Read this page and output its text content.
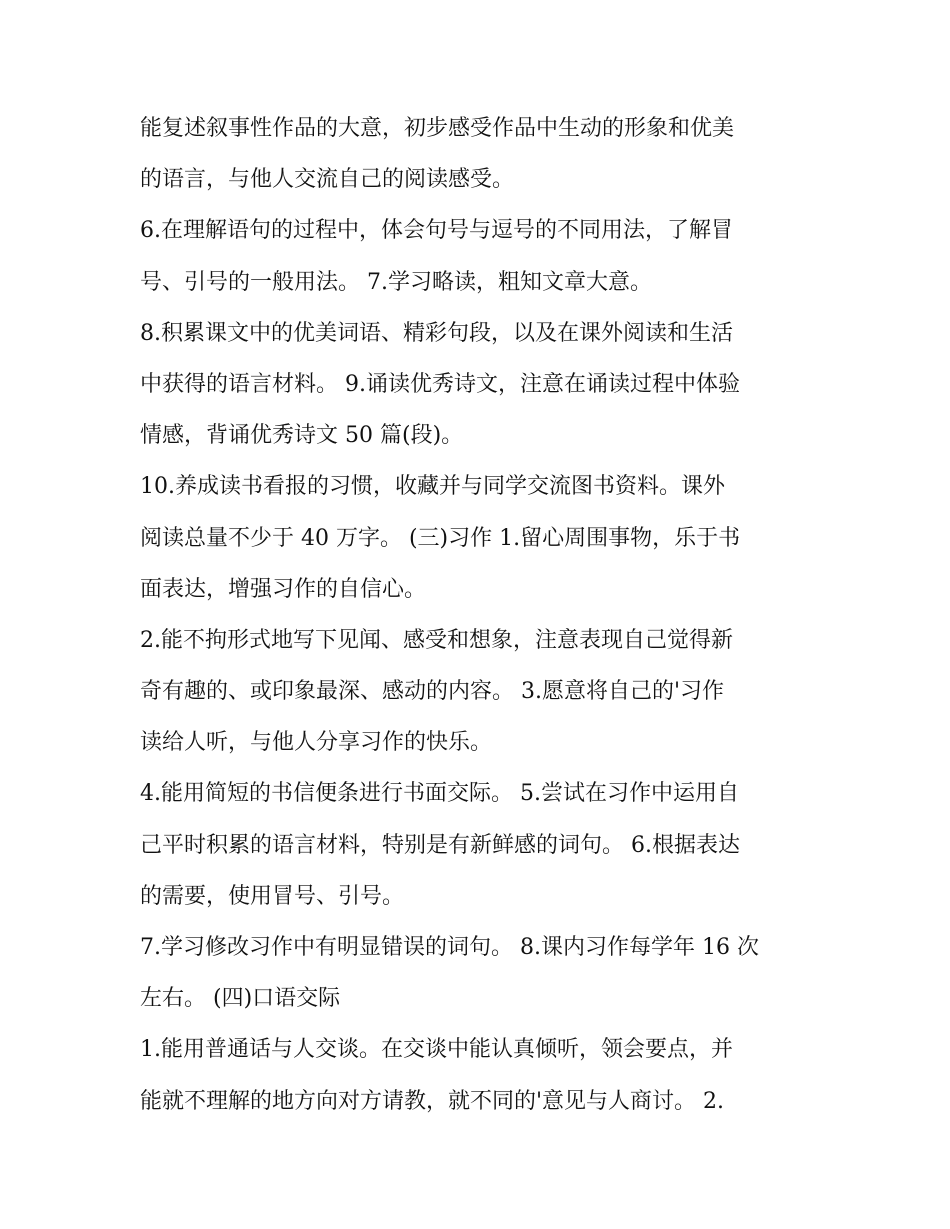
能复述叙事性作品的大意，初步感受作品中生动的形象和优美
的语言，与他人交流自己的阅读感受。
6.在理解语句的过程中，体会句号与逗号的不同用法，了解冒
号、引号的一般用法。 7.学习略读，粗知文章大意。
8.积累课文中的优美词语、精彩句段，以及在课外阅读和生活
中获得的语言材料。 9.诵读优秀诗文，注意在诵读过程中体验
情感，背诵优秀诗文 50 篇(段)。
10.养成读书看报的习惯，收藏并与同学交流图书资料。课外
阅读总量不少于 40 万字。 (三)习作 1.留心周围事物，乐于书
面表达，增强习作的自信心。
2.能不拘形式地写下见闻、感受和想象，注意表现自己觉得新
奇有趣的、或印象最深、感动的内容。 3.愿意将自己的'习作
读给人听，与他人分享习作的快乐。
4.能用简短的书信便条进行书面交际。 5.尝试在习作中运用自
己平时积累的语言材料，特别是有新鲜感的词句。 6.根据表达
的需要，使用冒号、引号。
7.学习修改习作中有明显错误的词句。 8.课内习作每学年 16 次
左右。 (四)口语交际
1.能用普通话与人交谈。在交谈中能认真倾听，领会要点，并
能就不理解的地方向对方请教，就不同的'意见与人商讨。 2.
